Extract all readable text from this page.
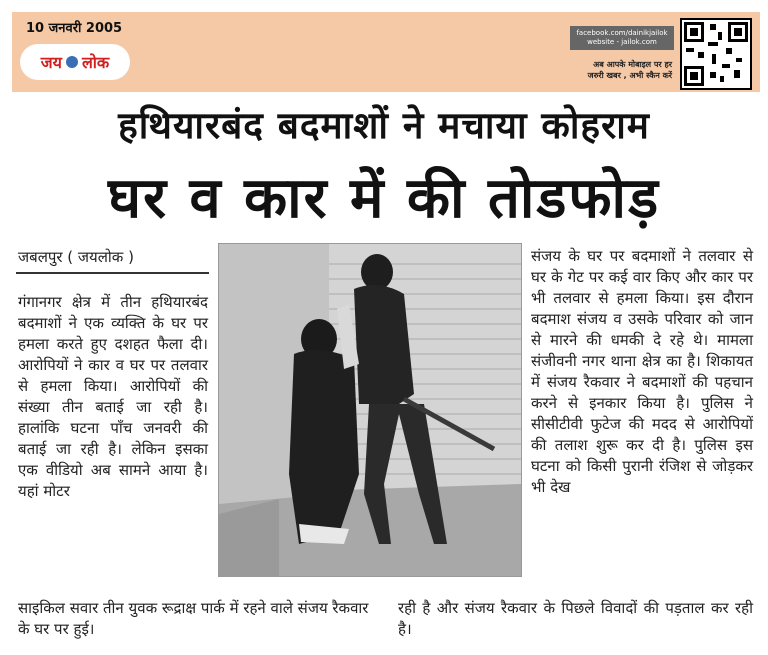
10 जनवरी 2005
जय लोक
facebook.com/dainikjailok
website - jailok.com
अब आपके मोबाइल पर हर
जरुरी खबर , अभी स्कैन करें
हथियारबंद बदमाशों ने मचाया कोहराम
घर व कार में की तोडफोड़
जबलपुर ( जयलोक )
गंगानगर क्षेत्र में तीन हथियारबंद बदमाशों ने एक व्यक्ति के घर पर हमला करते हुए दशहत फैला दी। आरोपियों ने कार व घर पर तलवार से हमला किया। आरोपियों की संख्या तीन बताई जा रही है। हालांकि घटना पाँच जनवरी की बताई जा रही है। लेकिन इसका एक वीडियो अब सामने आया है। यहां मोटर
संजय के घर पर बदमाशों ने तलवार से घर के गेट पर कई वार किए और कार पर भी तलवार से हमला किया। इस दौरान बदमाश संजय व उसके परिवार को जान से मारने की धमकी दे रहे थे। मामला संजीवनी नगर थाना क्षेत्र का है। शिकायत में संजय रैकवार ने बदमाशों की पहचान करने से इनकार किया है। पुलिस ने सीसीटीवी फुटेज की मदद से आरोपियों की तलाश शुरू कर दी है। पुलिस इस घटना को किसी पुरानी रंजिश से जोड़कर भी देख
साइकिल सवार तीन युवक रूद्राक्ष पार्क में रहने वाले संजय रैकवार के घर पर हुई।
रही है और संजय रैकवार के पिछले विवादों की पड़ताल कर रही है।
